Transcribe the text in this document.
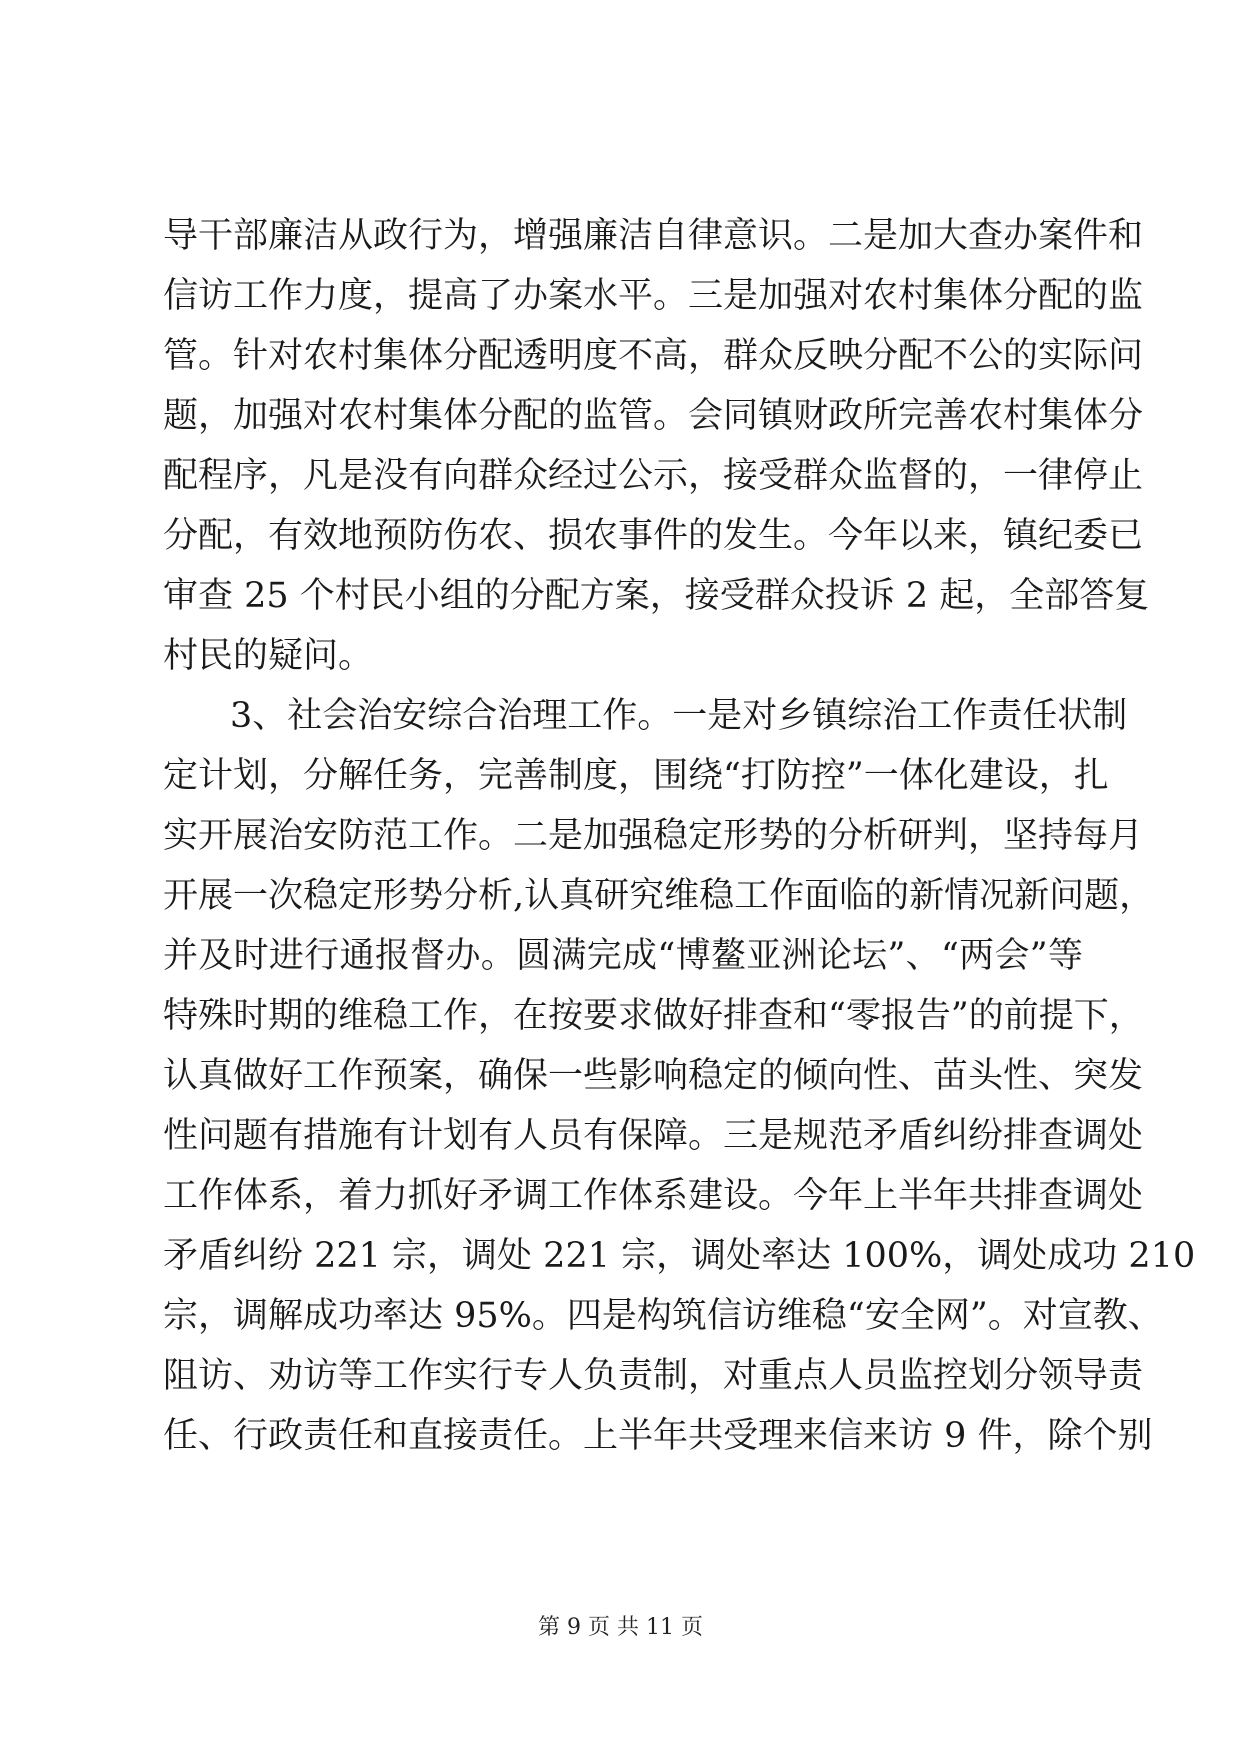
导干部廉洁从政行为，增强廉洁自律意识。二是加大查办案件和
信访工作力度，提高了办案水平。三是加强对农村集体分配的监
管。针对农村集体分配透明度不高，群众反映分配不公的实际问
题，加强对农村集体分配的监管。会同镇财政所完善农村集体分
配程序，凡是没有向群众经过公示，接受群众监督的，一律停止
分配，有效地预防伤农、损农事件的发生。今年以来，镇纪委已
审查 25 个村民小组的分配方案，接受群众投诉 2 起，全部答复
村民的疑问。
3、社会治安综合治理工作。一是对乡镇综治工作责任状制
定计划，分解任务，完善制度，围绕“打防控”一体化建设，扎
实开展治安防范工作。二是加强稳定形势的分析研判，坚持每月
开展一次稳定形势分析,认真研究维稳工作面临的新情况新问题，
并及时进行通报督办。圆满完成“博鳌亚洲论坛”、“两会”等
特殊时期的维稳工作，在按要求做好排查和“零报告”的前提下，
认真做好工作预案，确保一些影响稳定的倾向性、苗头性、突发
性问题有措施有计划有人员有保障。三是规范矛盾纠纷排查调处
工作体系，着力抓好矛调工作体系建设。今年上半年共排查调处
矛盾纠纷 221 宗，调处 221 宗，调处率达 100%，调处成功 210
宗，调解成功率达 95%。四是构筑信访维稳“安全网”。对宣教、
阻访、劝访等工作实行专人负责制，对重点人员监控划分领导责
任、行政责任和直接责任。上半年共受理来信来访 9 件，除个别
第 9 页 共 11 页
